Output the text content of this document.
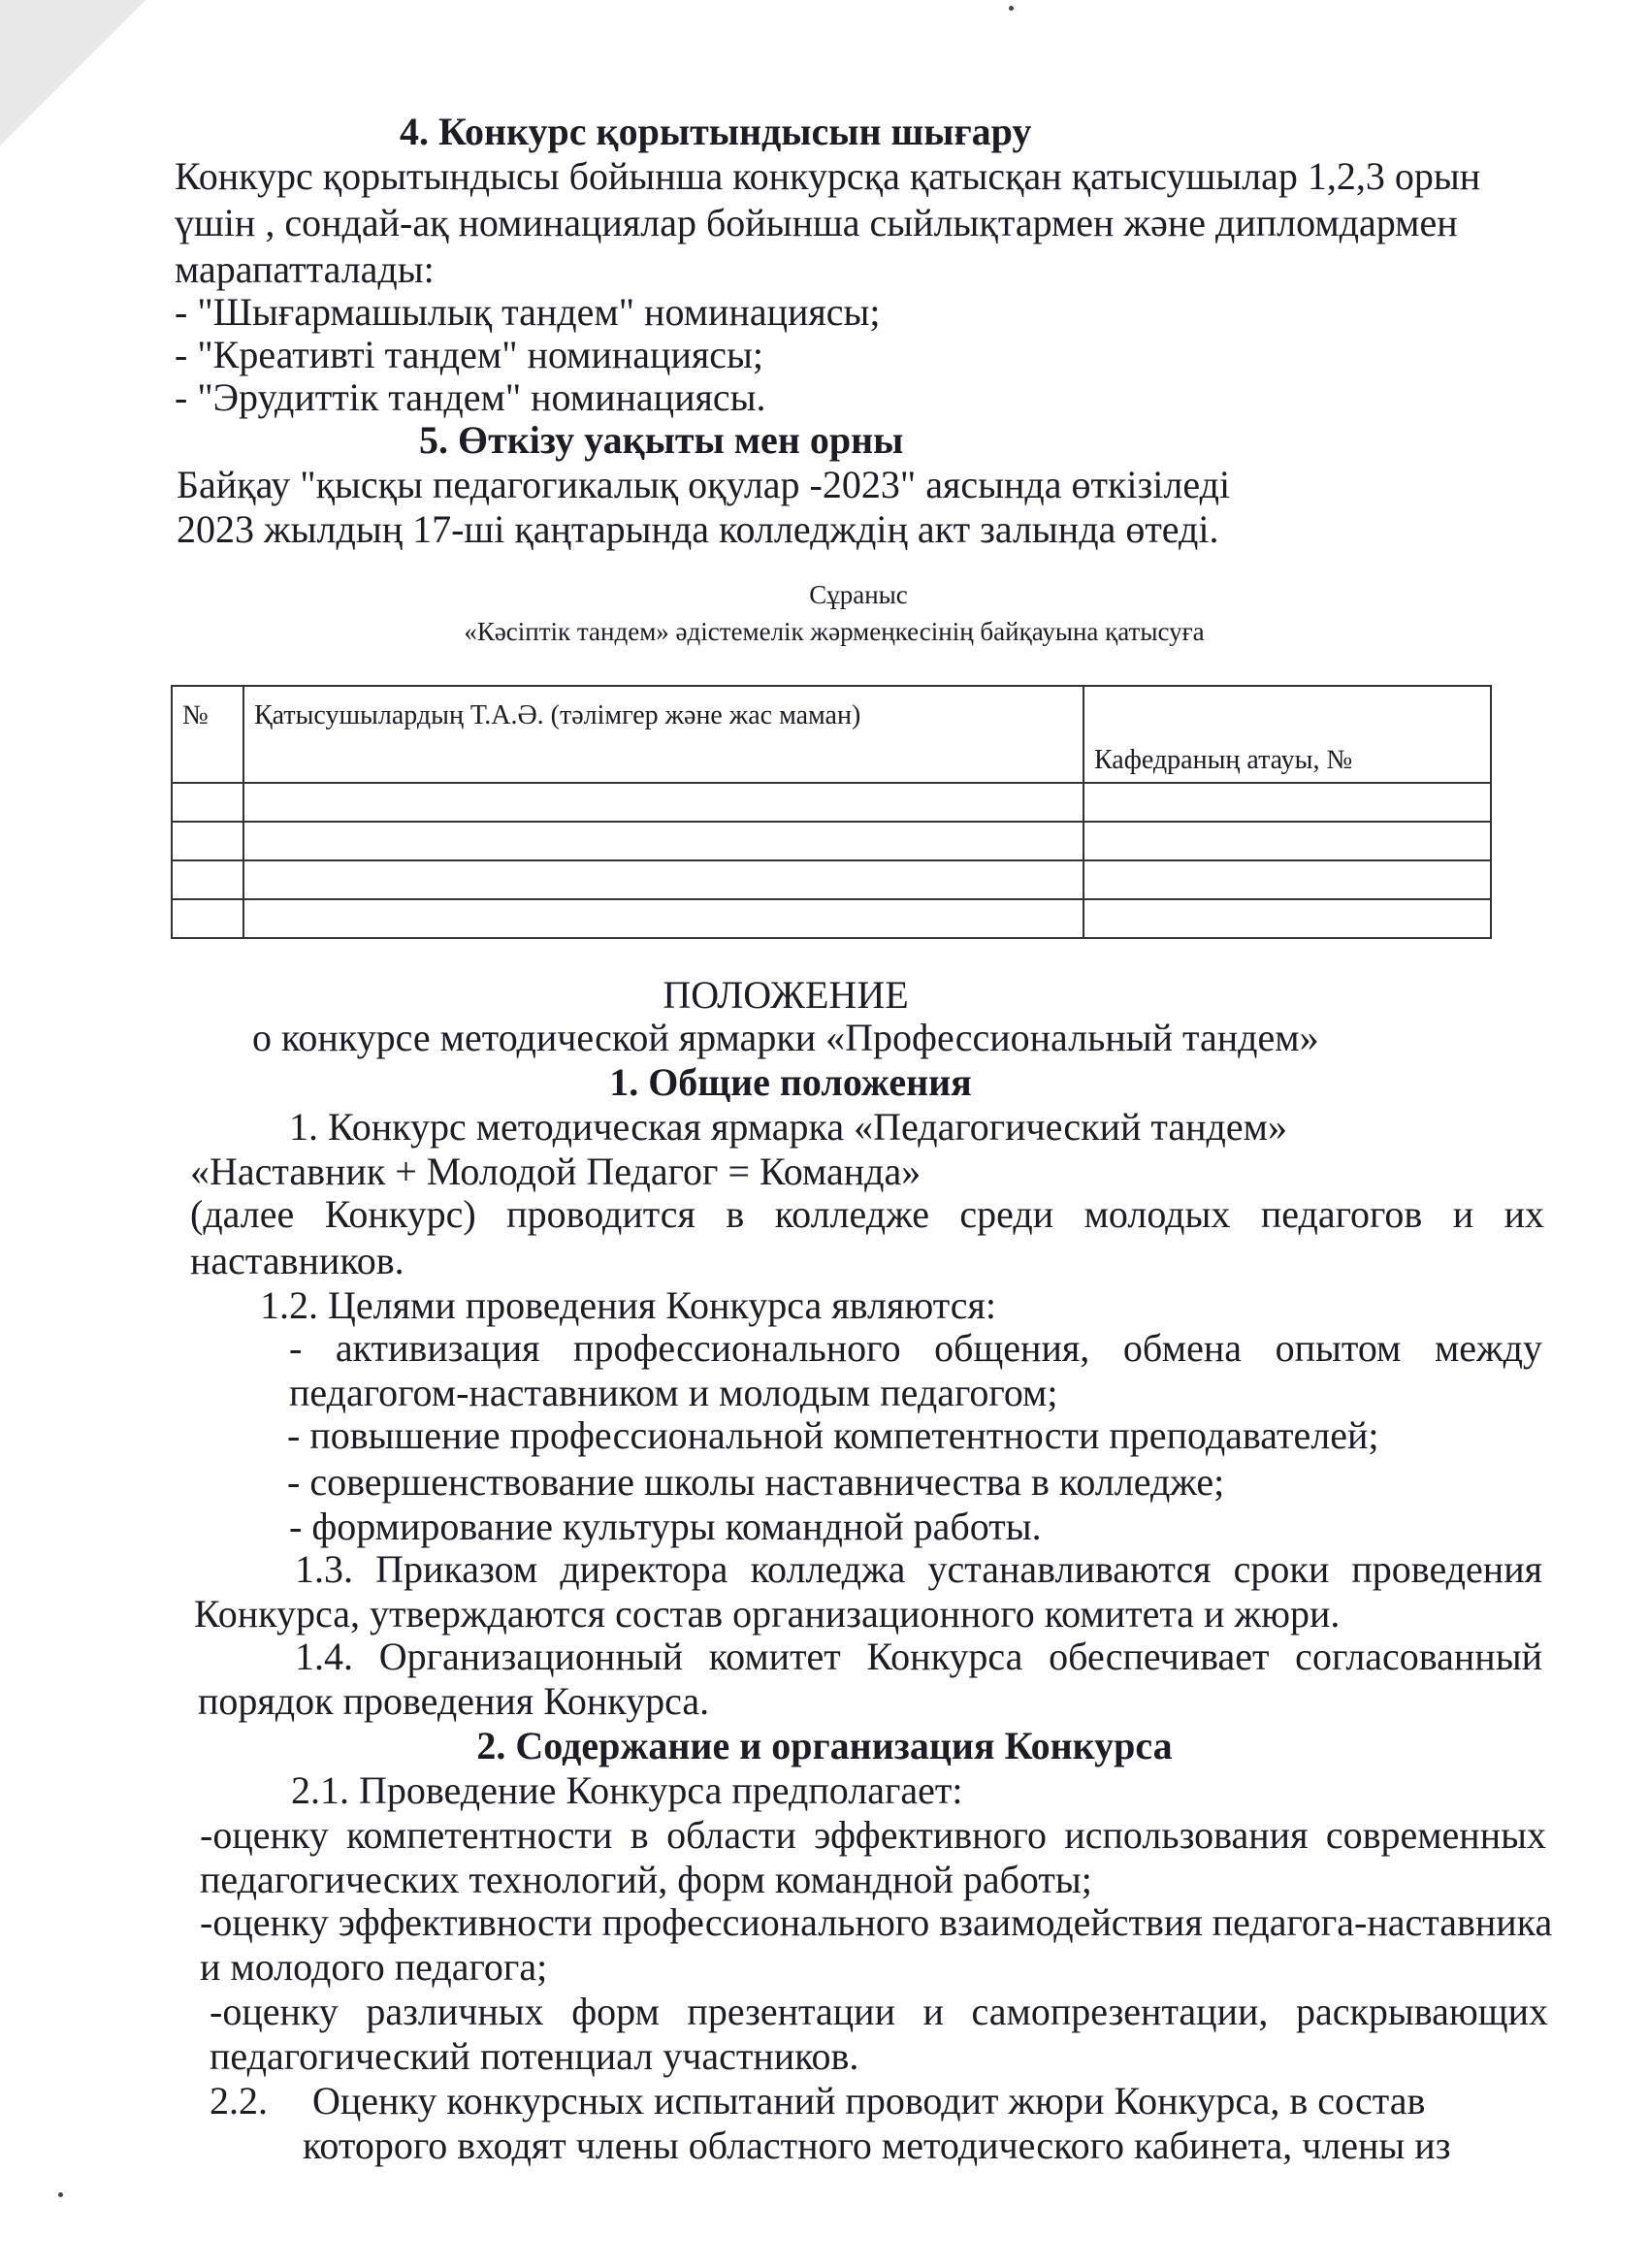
4. Конкурс қорытындысын шығару
Конкурс қорытындысы бойынша конкурсқа қатысқан қатысушылар 1,2,3 орын
үшін , сондай-ақ номинациялар бойынша сыйлықтармен және дипломдармен
марапатталады:
- "Шығармашылық тандем" номинациясы;
- "Креативті тандем" номинациясы;
- "Эрудиттік тандем" номинациясы.
5. Өткізу уақыты мен орны
Байқау "қысқы педагогикалық оқулар -2023" аясында өткізіледі
2023 жылдың 17-ші қаңтарында колледждің акт залында өтеді.
Сұраныс
«Кәсіптік тандем» әдістемелік жәрмеңкесінің байқауына қатысуға
№	Қатысушылардың Т.А.Ә. (тәлімгер және жас маман)	Кафедраның атауы, №

ПОЛОЖЕНИЕ
о конкурсе методической ярмарки «Профессиональный тандем»
1. Общие положения
1. Конкурс методическая ярмарка «Педагогический тандем»
«Наставник + Молодой Педагог = Команда»
(далее Конкурс) проводится в колледже среди молодых педагогов и их
наставников.
1.2. Целями проведения Конкурса являются:
- активизация профессионального общения, обмена опытом между
педагогом-наставником и молодым педагогом;
- повышение профессиональной компетентности преподавателей;
- совершенствование школы наставничества в колледже;
- формирование культуры командной работы.
1.3. Приказом директора колледжа устанавливаются сроки проведения
Конкурса, утверждаются состав организационного комитета и жюри.
1.4. Организационный комитет Конкурса обеспечивает согласованный
порядок проведения Конкурса.
2. Содержание и организация Конкурса
2.1. Проведение Конкурса предполагает:
-оценку компетентности в области эффективного использования современных
педагогических технологий, форм командной работы;
-оценку эффективности профессионального взаимодействия педагога-наставника
и молодого педагога;
-оценку различных форм презентации и самопрезентации, раскрывающих
педагогический потенциал участников.
2.2. Оценку конкурсных испытаний проводит жюри Конкурса, в состав
которого входят члены областного методического кабинета, члены из
